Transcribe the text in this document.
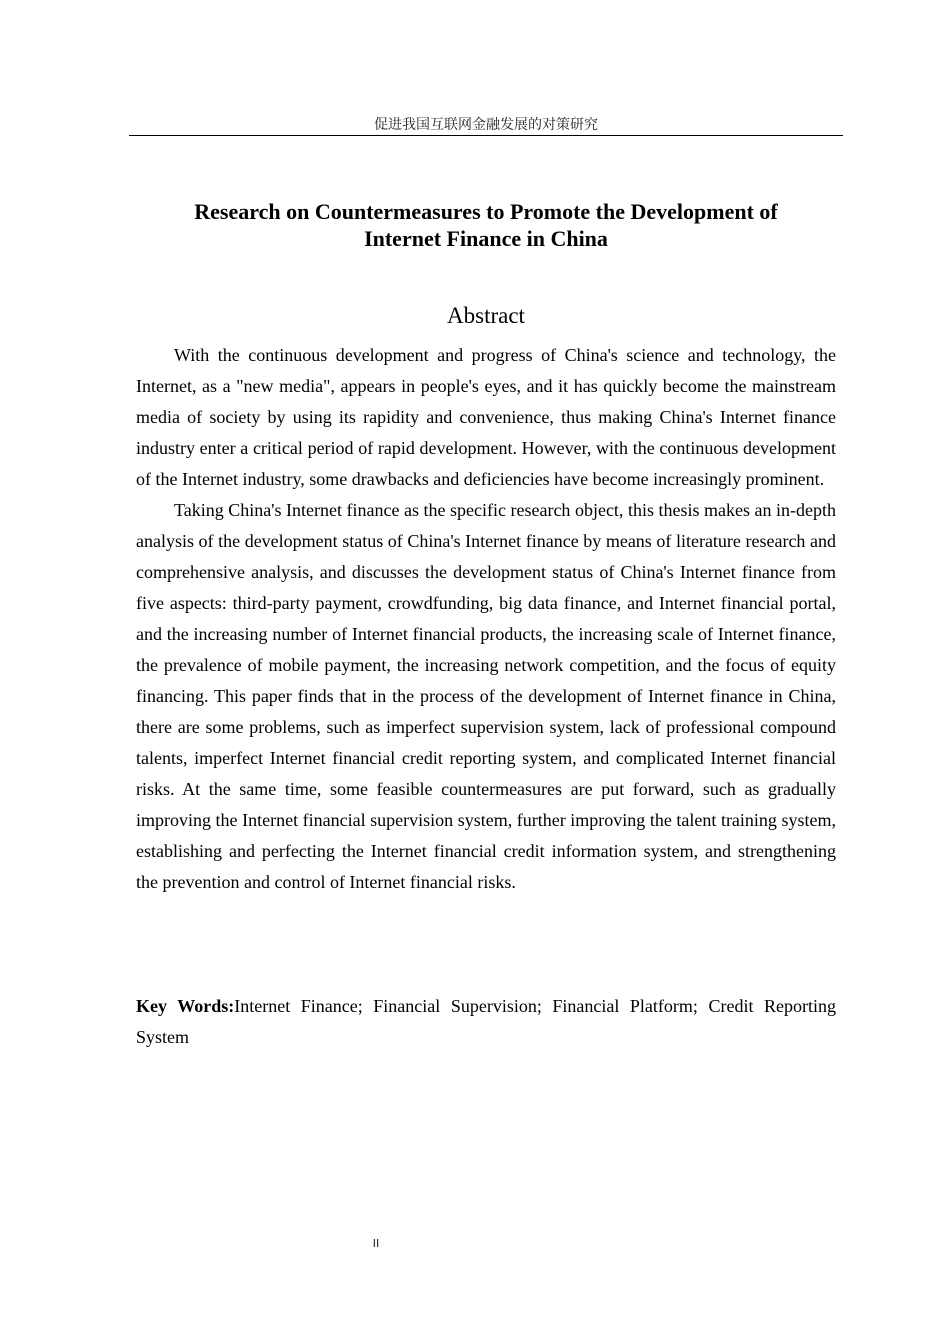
促进我国互联网金融发展的对策研究
Research on Countermeasures to Promote the Development of
Internet Finance in China
Abstract

With the continuous development and progress of China's science and technology, the Internet, as a "new media", appears in people's eyes, and it has quickly become the mainstream media of society by using its rapidity and convenience, thus making China's Internet finance industry enter a critical period of rapid development. However, with the continuous development of the Internet industry, some drawbacks and deficiencies have become increasingly prominent.

Taking China's Internet finance as the specific research object, this thesis makes an in-depth analysis of the development status of China's Internet finance by means of literature research and comprehensive analysis, and discusses the development status of China's Internet finance from five aspects: third-party payment, crowdfunding, big data finance, and Internet financial portal, and the increasing number of Internet financial products, the increasing scale of Internet finance, the prevalence of mobile payment, the increasing network competition, and the focus of equity financing. This paper finds that in the process of the development of Internet finance in China, there are some problems, such as imperfect supervision system, lack of professional compound talents, imperfect Internet financial credit reporting system, and complicated Internet financial risks. At the same time, some feasible countermeasures are put forward, such as gradually improving the Internet financial supervision system, further improving the talent training system, establishing and perfecting the Internet financial credit information system, and strengthening the prevention and control of Internet financial risks.

Key Words:Internet Finance; Financial Supervision; Financial Platform; Credit Reporting System

II
